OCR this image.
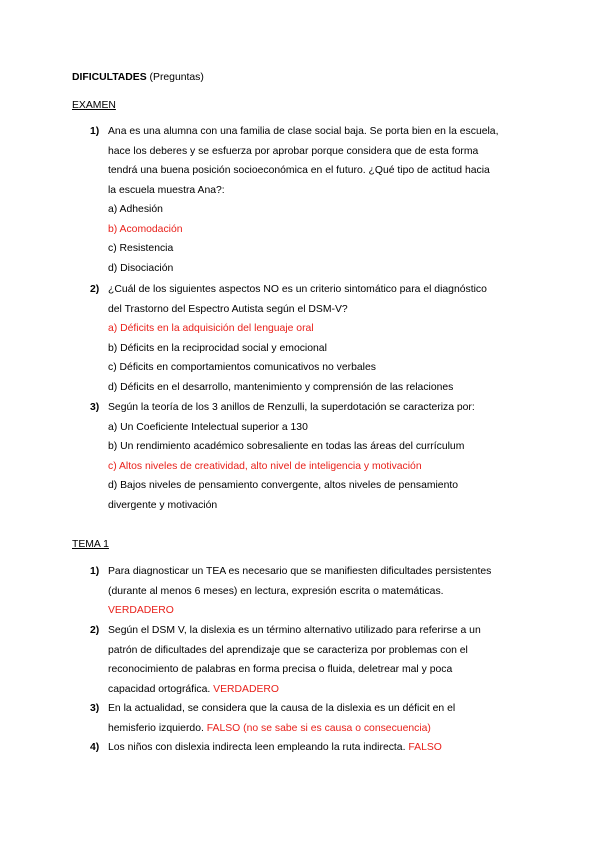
DIFICULTADES (Preguntas)
EXAMEN
1) Ana es una alumna con una familia de clase social baja. Se porta bien en la escuela,
hace los deberes y se esfuerza por aprobar porque considera que de esta forma
tendrá una buena posición socioeconómica en el futuro. ¿Qué tipo de actitud hacia
la escuela muestra Ana?:
a) Adhesión
b) Acomodación
c) Resistencia
d) Disociación
2) ¿Cuál de los siguientes aspectos NO es un criterio sintomático para el diagnóstico
del Trastorno del Espectro Autista según el DSM-V?
a) Déficits en la adquisición del lenguaje oral
b) Déficits en la reciprocidad social y emocional
c) Déficits en comportamientos comunicativos no verbales
d) Déficits en el desarrollo, mantenimiento y comprensión de las relaciones
3) Según la teoría de los 3 anillos de Renzulli, la superdotación se caracteriza por:
a) Un Coeficiente Intelectual superior a 130
b) Un rendimiento académico sobresaliente en todas las áreas del currículum
c) Altos niveles de creatividad, alto nivel de inteligencia y motivación
d) Bajos niveles de pensamiento convergente, altos niveles de pensamiento
divergente y motivación
TEMA 1
1) Para diagnosticar un TEA es necesario que se manifiesten dificultades persistentes
(durante al menos 6 meses) en lectura, expresión escrita o matemáticas.
VERDADERO
2) Según el DSM V, la dislexia es un término alternativo utilizado para referirse a un
patrón de dificultades del aprendizaje que se caracteriza por problemas con el
reconocimiento de palabras en forma precisa o fluida, deletrear mal y poca
capacidad ortográfica. VERDADERO
3) En la actualidad, se considera que la causa de la dislexia es un déficit en el
hemisferio izquierdo. FALSO (no se sabe si es causa o consecuencia)
4) Los niños con dislexia indirecta leen empleando la ruta indirecta. FALSO
